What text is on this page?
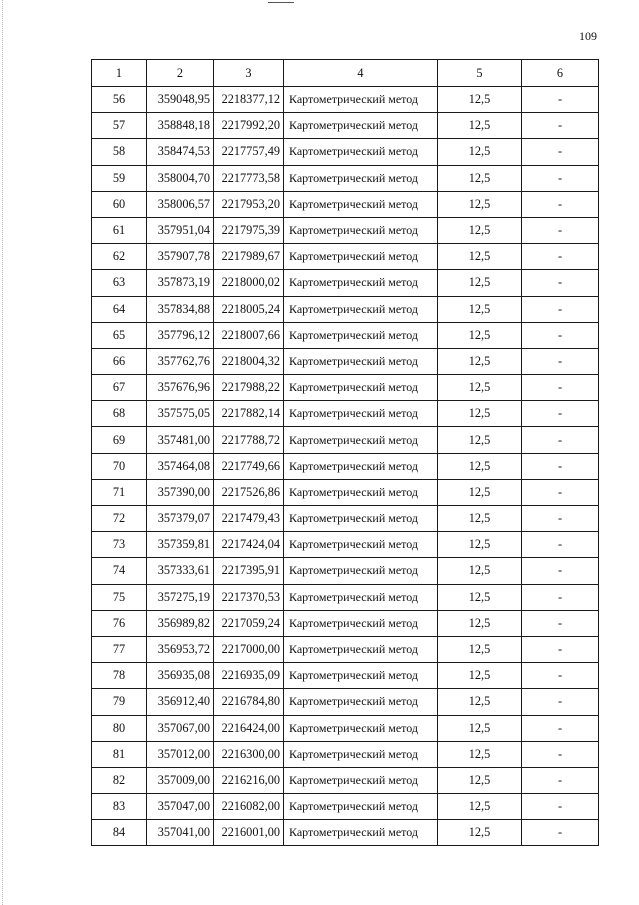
109
1	2	3	4	5	6
56	359048,95	2218377,12	Картометрический метод	12,5	-
57	358848,18	2217992,20	Картометрический метод	12,5	-
58	358474,53	2217757,49	Картометрический метод	12,5	-
59	358004,70	2217773,58	Картометрический метод	12,5	-
60	358006,57	2217953,20	Картометрический метод	12,5	-
61	357951,04	2217975,39	Картометрический метод	12,5	-
62	357907,78	2217989,67	Картометрический метод	12,5	-
63	357873,19	2218000,02	Картометрический метод	12,5	-
64	357834,88	2218005,24	Картометрический метод	12,5	-
65	357796,12	2218007,66	Картометрический метод	12,5	-
66	357762,76	2218004,32	Картометрический метод	12,5	-
67	357676,96	2217988,22	Картометрический метод	12,5	-
68	357575,05	2217882,14	Картометрический метод	12,5	-
69	357481,00	2217788,72	Картометрический метод	12,5	-
70	357464,08	2217749,66	Картометрический метод	12,5	-
71	357390,00	2217526,86	Картометрический метод	12,5	-
72	357379,07	2217479,43	Картометрический метод	12,5	-
73	357359,81	2217424,04	Картометрический метод	12,5	-
74	357333,61	2217395,91	Картометрический метод	12,5	-
75	357275,19	2217370,53	Картометрический метод	12,5	-
76	356989,82	2217059,24	Картометрический метод	12,5	-
77	356953,72	2217000,00	Картометрический метод	12,5	-
78	356935,08	2216935,09	Картометрический метод	12,5	-
79	356912,40	2216784,80	Картометрический метод	12,5	-
80	357067,00	2216424,00	Картометрический метод	12,5	-
81	357012,00	2216300,00	Картометрический метод	12,5	-
82	357009,00	2216216,00	Картометрический метод	12,5	-
83	357047,00	2216082,00	Картометрический метод	12,5	-
84	357041,00	2216001,00	Картометрический метод	12,5	-
